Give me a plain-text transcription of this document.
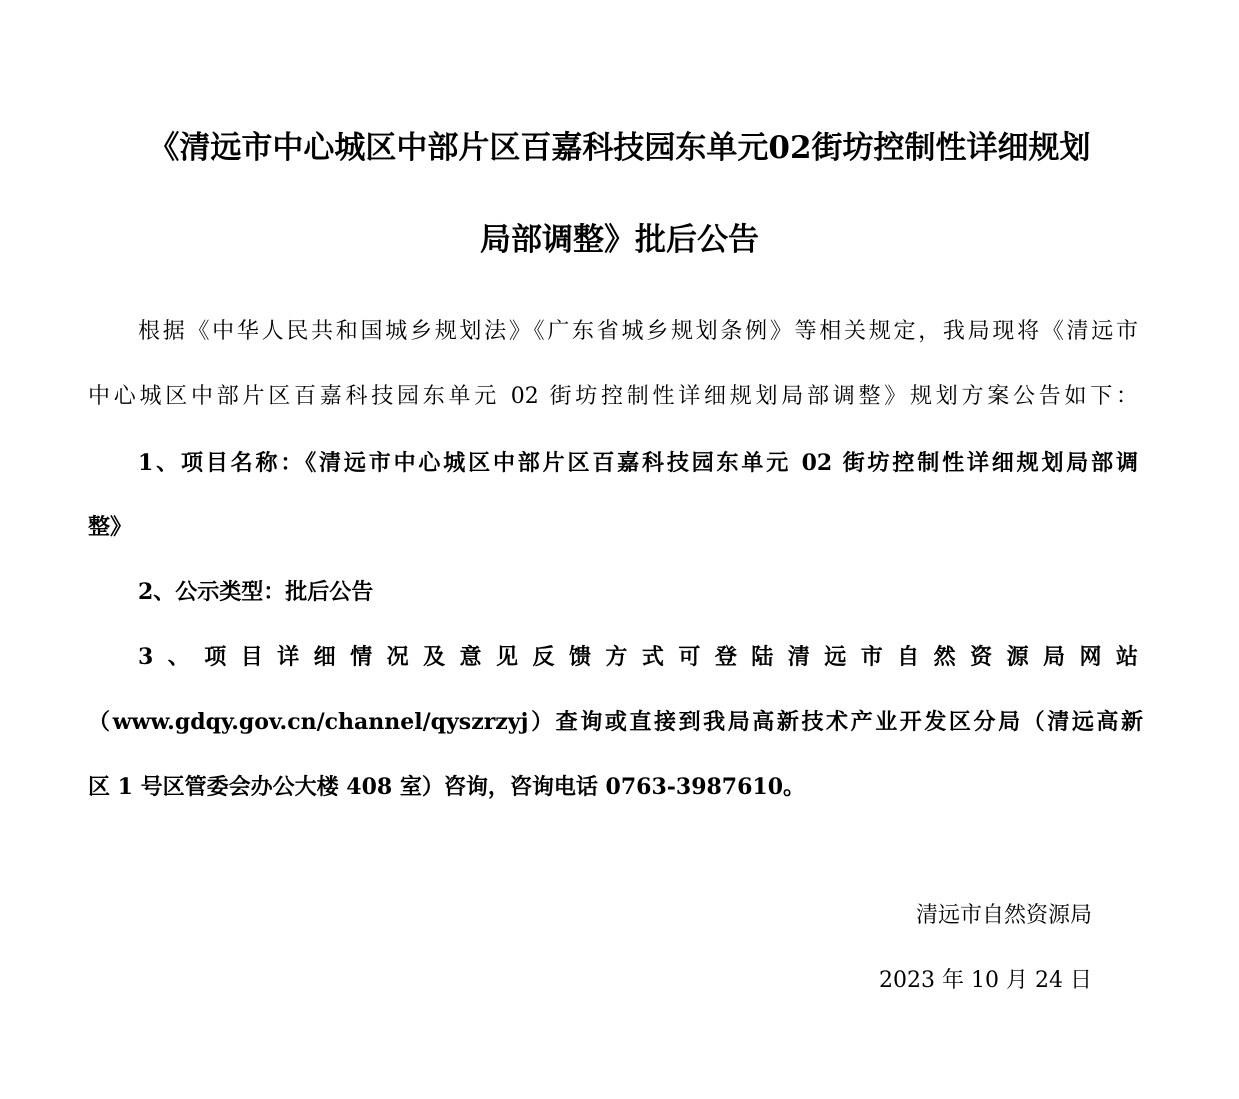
《清远市中心城区中部片区百嘉科技园东单元02街坊控制性详细规划
局部调整》批后公告
根据《中华人民共和国城乡规划法》《广东省城乡规划条例》等相关规定，我局现将《清远市
中心城区中部片区百嘉科技园东单元 02 街坊控制性详细规划局部调整》规划方案公告如下：
1、项目名称：《清远市中心城区中部片区百嘉科技园东单元 02 街坊控制性详细规划局部调
整》
2、公示类型：批后公告
3、项目详细情况及意见反馈方式可登陆清远市自然资源局网站
（www.gdqy.gov.cn/channel/qyszrzyj）查询或直接到我局高新技术产业开发区分局（清远高新
区 1 号区管委会办公大楼 408 室）咨询，咨询电话 0763-3987610。
清远市自然资源局
2023 年 10 月 24 日
